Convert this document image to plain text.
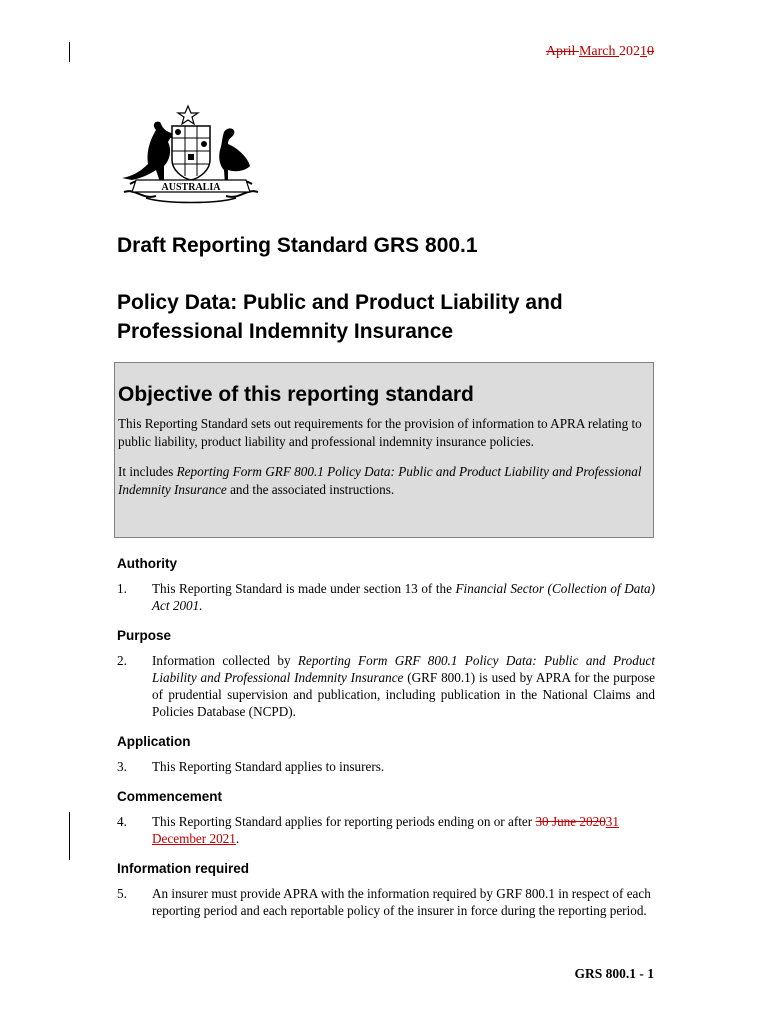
April March 20210
AUSTRALIA
Draft Reporting Standard GRS 800.1
Policy Data: Public and Product Liability and Professional Indemnity Insurance
Objective of this reporting standard

This Reporting Standard sets out requirements for the provision of information to APRA relating to public liability, product liability and professional indemnity insurance policies.

It includes Reporting Form GRF 800.1 Policy Data: Public and Product Liability and Professional Indemnity Insurance and the associated instructions.

Authority
1. This Reporting Standard is made under section 13 of the Financial Sector (Collection of Data) Act 2001.
Purpose
2. Information collected by Reporting Form GRF 800.1 Policy Data: Public and Product Liability and Professional Indemnity Insurance (GRF 800.1) is used by APRA for the purpose of prudential supervision and publication, including publication in the National Claims and Policies Database (NCPD).
Application
3. This Reporting Standard applies to insurers.
Commencement
4. This Reporting Standard applies for reporting periods ending on or after 30 June 202031 December 2021.
Information required
5. An insurer must provide APRA with the information required by GRF 800.1 in respect of each reporting period and each reportable policy of the insurer in force during the reporting period.
GRS 800.1 - 1
